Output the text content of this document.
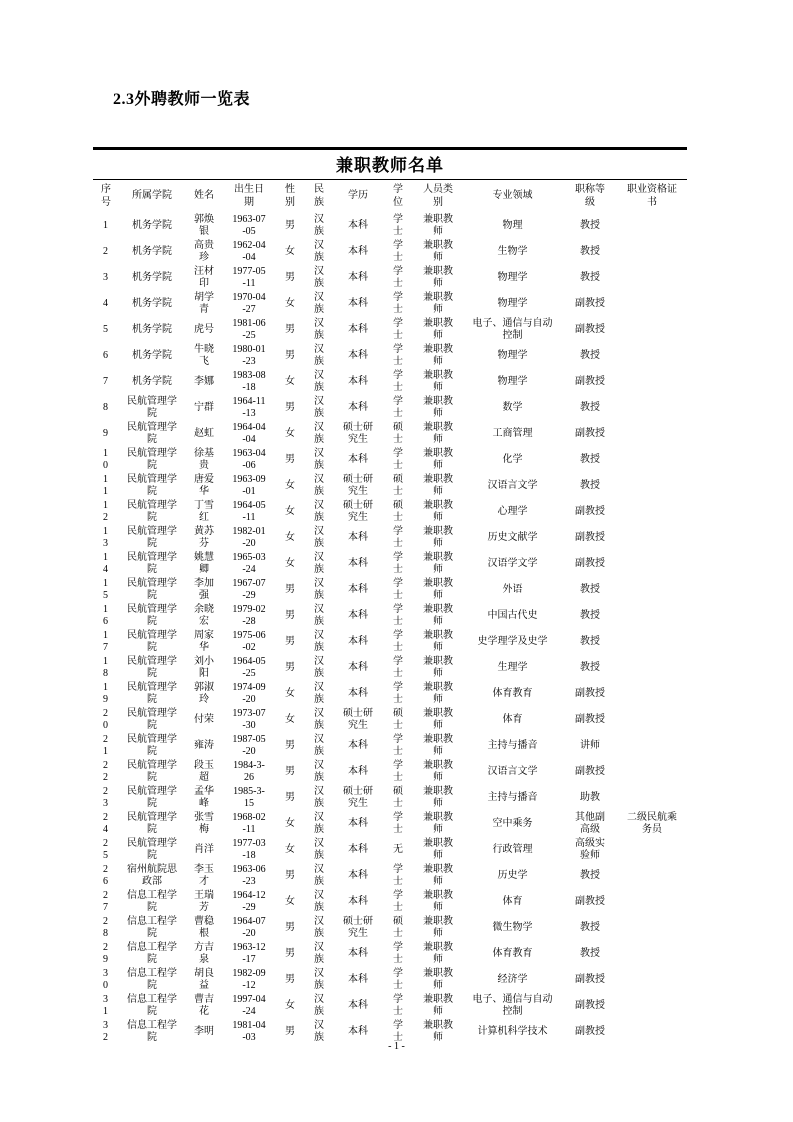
2.3外聘教师一览表
兼职教师名单
序号	所属学院	姓名	出生日期	性别	民族	学历	学位	人员类别	专业领域	职称等级	职业资格证书
1	机务学院	郭焕银	1963-07-05	男	汉族	本科	学士	兼职教师	物理	教授	
2	机务学院	高贵珍	1962-04-04	女	汉族	本科	学士	兼职教师	生物学	教授	
3	机务学院	汪材印	1977-05-11	男	汉族	本科	学士	兼职教师	物理学	教授	
4	机务学院	胡学青	1970-04-27	女	汉族	本科	学士	兼职教师	物理学	副教授	
5	机务学院	虎号	1981-06-25	男	汉族	本科	学士	兼职教师	电子、通信与自动控制	副教授	
6	机务学院	牛晓飞	1980-01-23	男	汉族	本科	学士	兼职教师	物理学	教授	
7	机务学院	李娜	1983-08-18	女	汉族	本科	学士	兼职教师	物理学	副教授	
8	民航管理学院	宁群	1964-11-13	男	汉族	本科	学士	兼职教师	数学	教授	
9	民航管理学院	赵虹	1964-04-04	女	汉族	硕士研究生	硕士	兼职教师	工商管理	副教授	
10	民航管理学院	徐基贵	1963-04-06	男	汉族	本科	学士	兼职教师	化学	教授	
11	民航管理学院	唐爱华	1963-09-01	女	汉族	硕士研究生	硕士	兼职教师	汉语言文学	教授	
12	民航管理学院	丁雪红	1964-05-11	女	汉族	硕士研究生	硕士	兼职教师	心理学	副教授	
13	民航管理学院	黄苏芬	1982-01-20	女	汉族	本科	学士	兼职教师	历史文献学	副教授	
14	民航管理学院	姚慧卿	1965-03-24	女	汉族	本科	学士	兼职教师	汉语学文学	副教授	
15	民航管理学院	李加强	1967-07-29	男	汉族	本科	学士	兼职教师	外语	教授	
16	民航管理学院	余晓宏	1979-02-28	男	汉族	本科	学士	兼职教师	中国古代史	教授	
17	民航管理学院	周家华	1975-06-02	男	汉族	本科	学士	兼职教师	史学理学及史学	教授	
18	民航管理学院	刘小阳	1964-05-25	男	汉族	本科	学士	兼职教师	生理学	教授	
19	民航管理学院	郭淑玲	1974-09-20	女	汉族	本科	学士	兼职教师	体育教育	副教授	
20	民航管理学院	付荣	1973-07-30	女	汉族	硕士研究生	硕士	兼职教师	体育	副教授	
21	民航管理学院	雍涛	1987-05-20	男	汉族	本科	学士	兼职教师	主持与播音	讲师	
22	民航管理学院	段玉超	1984-3-26	男	汉族	本科	学士	兼职教师	汉语言文学	副教授	
23	民航管理学院	孟华峰	1985-3-15	男	汉族	硕士研究生	硕士	兼职教师	主持与播音	助教	
24	民航管理学院	张雪梅	1968-02-11	女	汉族	本科	学士	兼职教师	空中乘务	其他副高级	二级民航乘务员
25	民航管理学院	肖洋	1977-03-18	女	汉族	本科	无	兼职教师	行政管理	高级实验师	
26	宿州航院思政部	李玉才	1963-06-23	男	汉族	本科	学士	兼职教师	历史学	教授	
27	信息工程学院	王瑞芳	1964-12-29	女	汉族	本科	学士	兼职教师	体育	副教授	
28	信息工程学院	曹稳根	1964-07-20	男	汉族	硕士研究生	硕士	兼职教师	微生物学	教授	
29	信息工程学院	方吉泉	1963-12-17	男	汉族	本科	学士	兼职教师	体育教育	教授	
30	信息工程学院	胡良益	1982-09-12	男	汉族	本科	学士	兼职教师	经济学	副教授	
31	信息工程学院	曹吉花	1997-04-24	女	汉族	本科	学士	兼职教师	电子、通信与自动控制	副教授	
32	信息工程学院	李明	1981-04-03	男	汉族	本科	学士	兼职教师	计算机科学技术	副教授	
- 1 -
